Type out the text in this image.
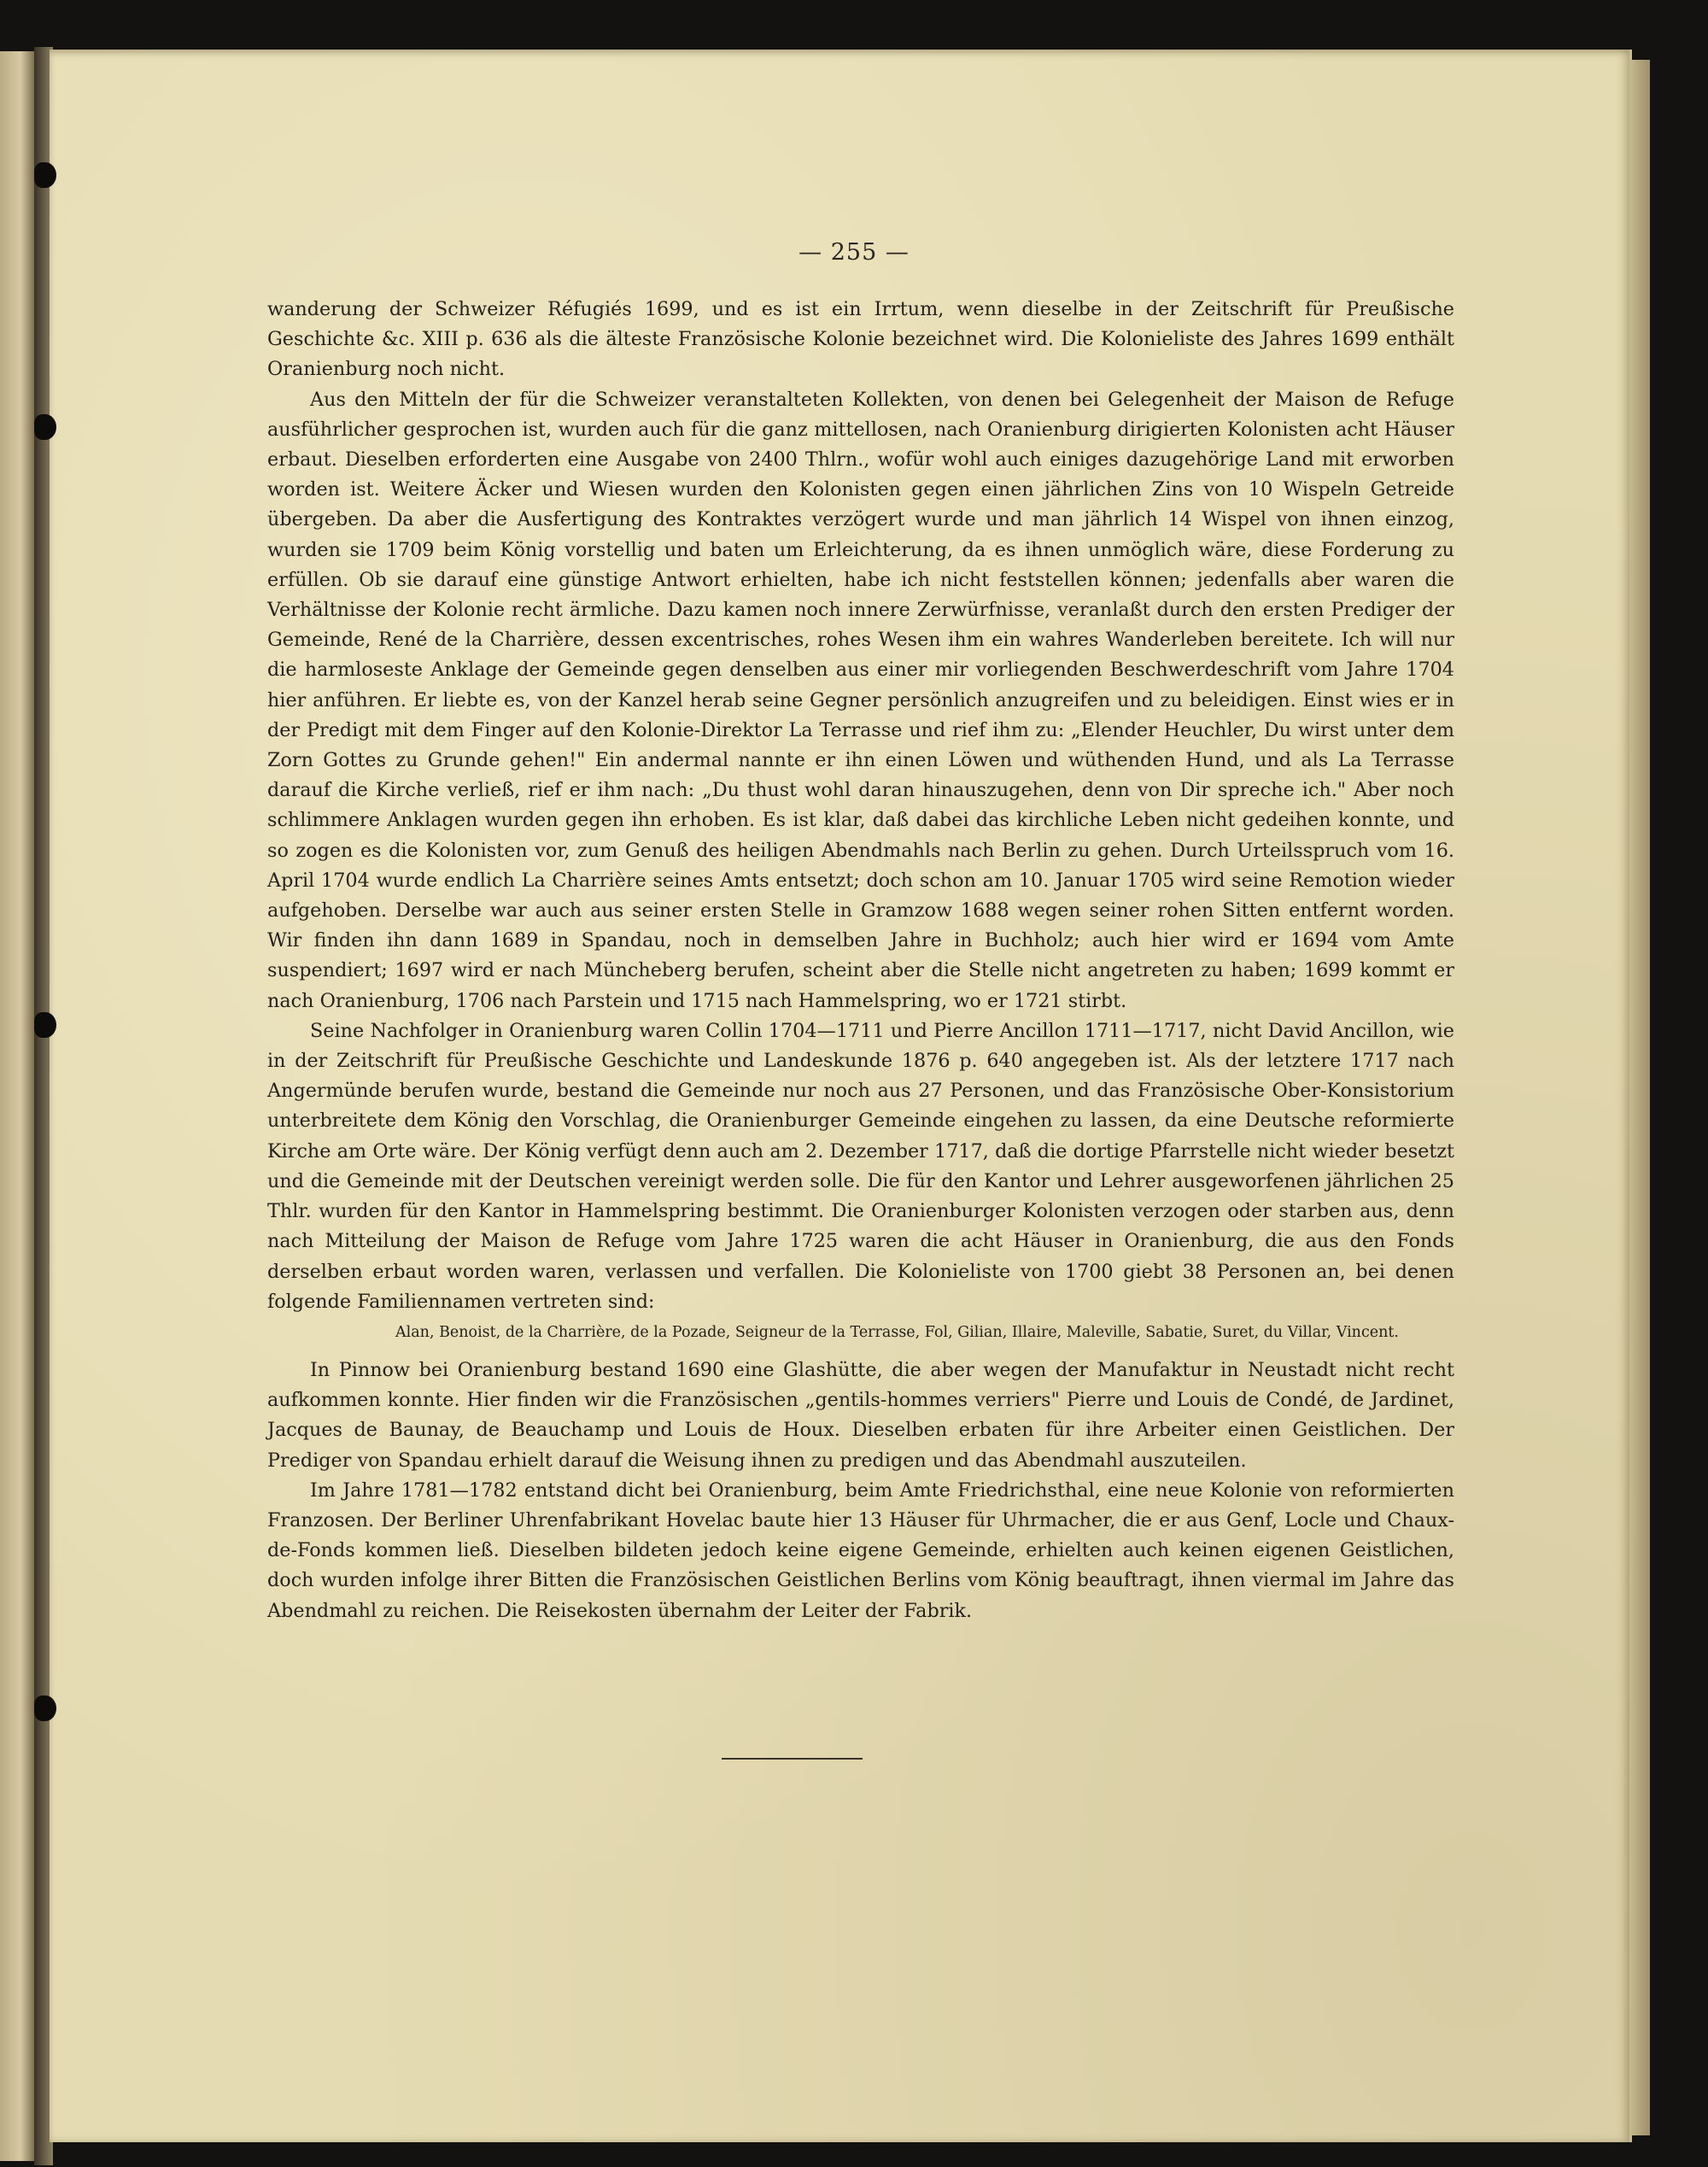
— 255 —

wanderung der Schweizer Réfugiés 1699, und es ist ein Irrtum, wenn dieselbe in der Zeitschrift für Preußische Geschichte &c. XIII p. 636 als die älteste Französische Kolonie bezeichnet wird. Die Kolonieliste des Jahres 1699 enthält Oranienburg noch nicht.

Aus den Mitteln der für die Schweizer veranstalteten Kollekten, von denen bei Gelegenheit der Maison de Refuge ausführlicher gesprochen ist, wurden auch für die ganz mittellosen, nach Oranienburg dirigierten Kolonisten acht Häuser erbaut. Dieselben erforderten eine Ausgabe von 2400 Thlrn., wofür wohl auch einiges dazugehörige Land mit erworben worden ist. Weitere Äcker und Wiesen wurden den Kolonisten gegen einen jährlichen Zins von 10 Wispeln Getreide übergeben. Da aber die Ausfertigung des Kontraktes verzögert wurde und man jährlich 14 Wispel von ihnen einzog, wurden sie 1709 beim König vorstellig und baten um Erleichterung, da es ihnen unmöglich wäre, diese Forderung zu erfüllen. Ob sie darauf eine günstige Antwort erhielten, habe ich nicht feststellen können; jedenfalls aber waren die Verhältnisse der Kolonie recht ärmliche. Dazu kamen noch innere Zerwürfnisse, veranlaßt durch den ersten Prediger der Gemeinde, René de la Charrière, dessen excentrisches, rohes Wesen ihm ein wahres Wanderleben bereitete. Ich will nur die harmloseste Anklage der Gemeinde gegen denselben aus einer mir vorliegenden Beschwerdeschrift vom Jahre 1704 hier anführen. Er liebte es, von der Kanzel herab seine Gegner persönlich anzugreifen und zu beleidigen. Einst wies er in der Predigt mit dem Finger auf den Kolonie-Direktor La Terrasse und rief ihm zu: „Elender Heuchler, Du wirst unter dem Zorn Gottes zu Grunde gehen!" Ein andermal nannte er ihn einen Löwen und wüthenden Hund, und als La Terrasse darauf die Kirche verließ, rief er ihm nach: „Du thust wohl daran hinauszugehen, denn von Dir spreche ich." Aber noch schlimmere Anklagen wurden gegen ihn erhoben. Es ist klar, daß dabei das kirchliche Leben nicht gedeihen konnte, und so zogen es die Kolonisten vor, zum Genuß des heiligen Abendmahls nach Berlin zu gehen. Durch Urteilsspruch vom 16. April 1704 wurde endlich La Charrière seines Amts entsetzt; doch schon am 10. Januar 1705 wird seine Remotion wieder aufgehoben. Derselbe war auch aus seiner ersten Stelle in Gramzow 1688 wegen seiner rohen Sitten entfernt worden. Wir finden ihn dann 1689 in Spandau, noch in demselben Jahre in Buchholz; auch hier wird er 1694 vom Amte suspendiert; 1697 wird er nach Müncheberg berufen, scheint aber die Stelle nicht angetreten zu haben; 1699 kommt er nach Oranienburg, 1706 nach Parstein und 1715 nach Hammelspring, wo er 1721 stirbt.

Seine Nachfolger in Oranienburg waren Collin 1704—1711 und Pierre Ancillon 1711—1717, nicht David Ancillon, wie in der Zeitschrift für Preußische Geschichte und Landeskunde 1876 p. 640 angegeben ist. Als der letztere 1717 nach Angermünde berufen wurde, bestand die Gemeinde nur noch aus 27 Personen, und das Französische Ober-Konsistorium unterbreitete dem König den Vorschlag, die Oranienburger Gemeinde eingehen zu lassen, da eine Deutsche reformierte Kirche am Orte wäre. Der König verfügt denn auch am 2. Dezember 1717, daß die dortige Pfarrstelle nicht wieder besetzt und die Gemeinde mit der Deutschen vereinigt werden solle. Die für den Kantor und Lehrer ausgeworfenen jährlichen 25 Thlr. wurden für den Kantor in Hammelspring bestimmt. Die Oranienburger Kolonisten verzogen oder starben aus, denn nach Mitteilung der Maison de Refuge vom Jahre 1725 waren die acht Häuser in Oranienburg, die aus den Fonds derselben erbaut worden waren, verlassen und verfallen. Die Kolonieliste von 1700 giebt 38 Personen an, bei denen folgende Familiennamen vertreten sind:

Alan, Benoist, de la Charrière, de la Pozade, Seigneur de la Terrasse, Fol, Gilian, Illaire, Maleville, Sabatie, Suret, du Villar, Vincent.

In Pinnow bei Oranienburg bestand 1690 eine Glashütte, die aber wegen der Manufaktur in Neustadt nicht recht aufkommen konnte. Hier finden wir die Französischen „gentils-hommes verriers" Pierre und Louis de Condé, de Jardinet, Jacques de Baunay, de Beauchamp und Louis de Houx. Dieselben erbaten für ihre Arbeiter einen Geistlichen. Der Prediger von Spandau erhielt darauf die Weisung ihnen zu predigen und das Abendmahl auszuteilen.

Im Jahre 1781—1782 entstand dicht bei Oranienburg, beim Amte Friedrichsthal, eine neue Kolonie von reformierten Franzosen. Der Berliner Uhrenfabrikant Hovelac baute hier 13 Häuser für Uhrmacher, die er aus Genf, Locle und Chaux-de-Fonds kommen ließ. Dieselben bildeten jedoch keine eigene Gemeinde, erhielten auch keinen eigenen Geistlichen, doch wurden infolge ihrer Bitten die Französischen Geistlichen Berlins vom König beauftragt, ihnen viermal im Jahre das Abendmahl zu reichen. Die Reisekosten übernahm der Leiter der Fabrik.
